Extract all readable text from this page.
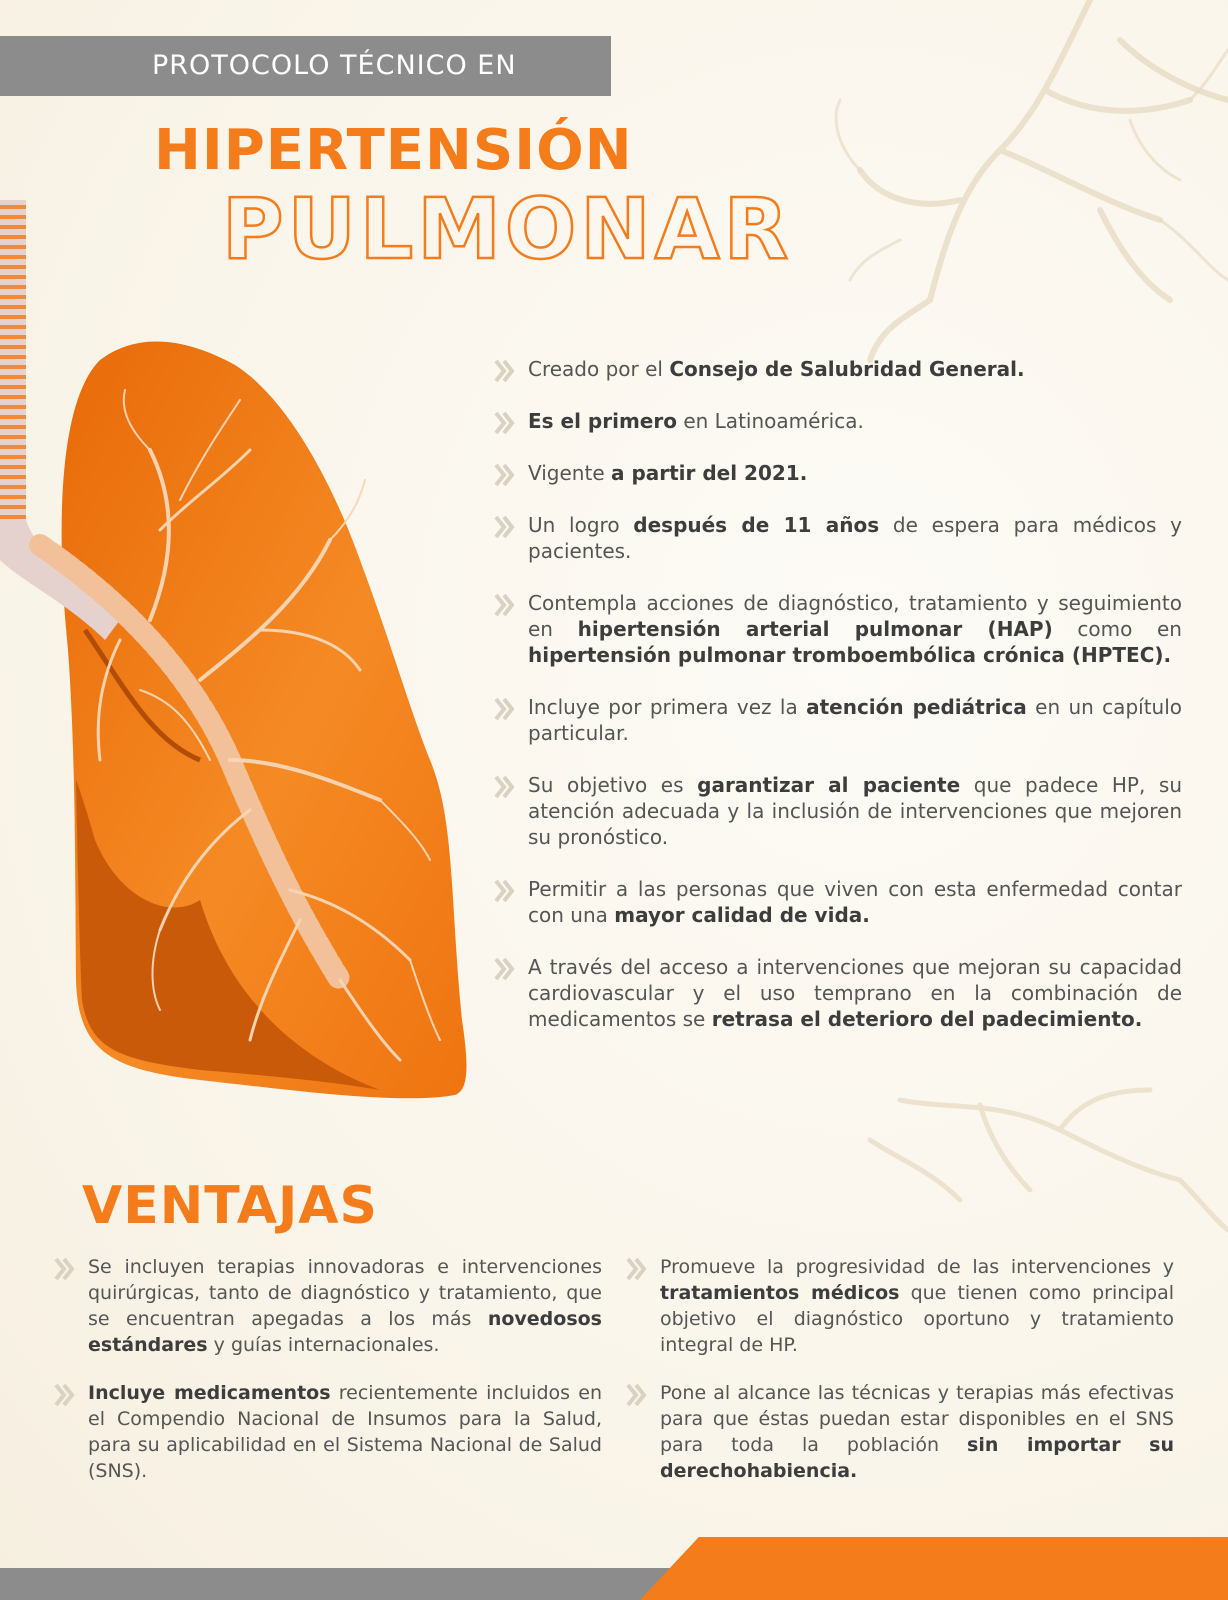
PROTOCOLO TÉCNICO EN
HIPERTENSIÓN
PULMONAR

Creado por el Consejo de Salubridad General.

Es el primero en Latinoamérica.

Vigente a partir del 2021.

Un logro después de 11 años de espera para médicos y pacientes.

Contempla acciones de diagnóstico, tratamiento y seguimiento en hipertensión arterial pulmonar (HAP) como en hipertensión pulmonar tromboembólica crónica (HPTEC).

Incluye por primera vez la atención pediátrica en un capítulo particular.

Su objetivo es garantizar al paciente que padece HP, su atención adecuada y la inclusión de intervenciones que mejoren su pronóstico.

Permitir a las personas que viven con esta enfermedad contar con una mayor calidad de vida.

A través del acceso a intervenciones que mejoran su capacidad cardiovascular y el uso temprano en la combinación de medicamentos se retrasa el deterioro del padecimiento.

VENTAJAS

Se incluyen terapias innovadoras e intervenciones quirúrgicas, tanto de diagnóstico y tratamiento, que se encuentran apegadas a los más novedosos estándares y guías internacionales.

Incluye medicamentos recientemente incluidos en el Compendio Nacional de Insumos para la Salud, para su aplicabilidad en el Sistema Nacional de Salud (SNS).

Promueve la progresividad de las intervenciones y tratamientos médicos que tienen como principal objetivo el diagnóstico oportuno y tratamiento integral de HP.

Pone al alcance las técnicas y terapias más efectivas para que éstas puedan estar disponibles en el SNS para toda la población sin importar su derechohabiencia.
